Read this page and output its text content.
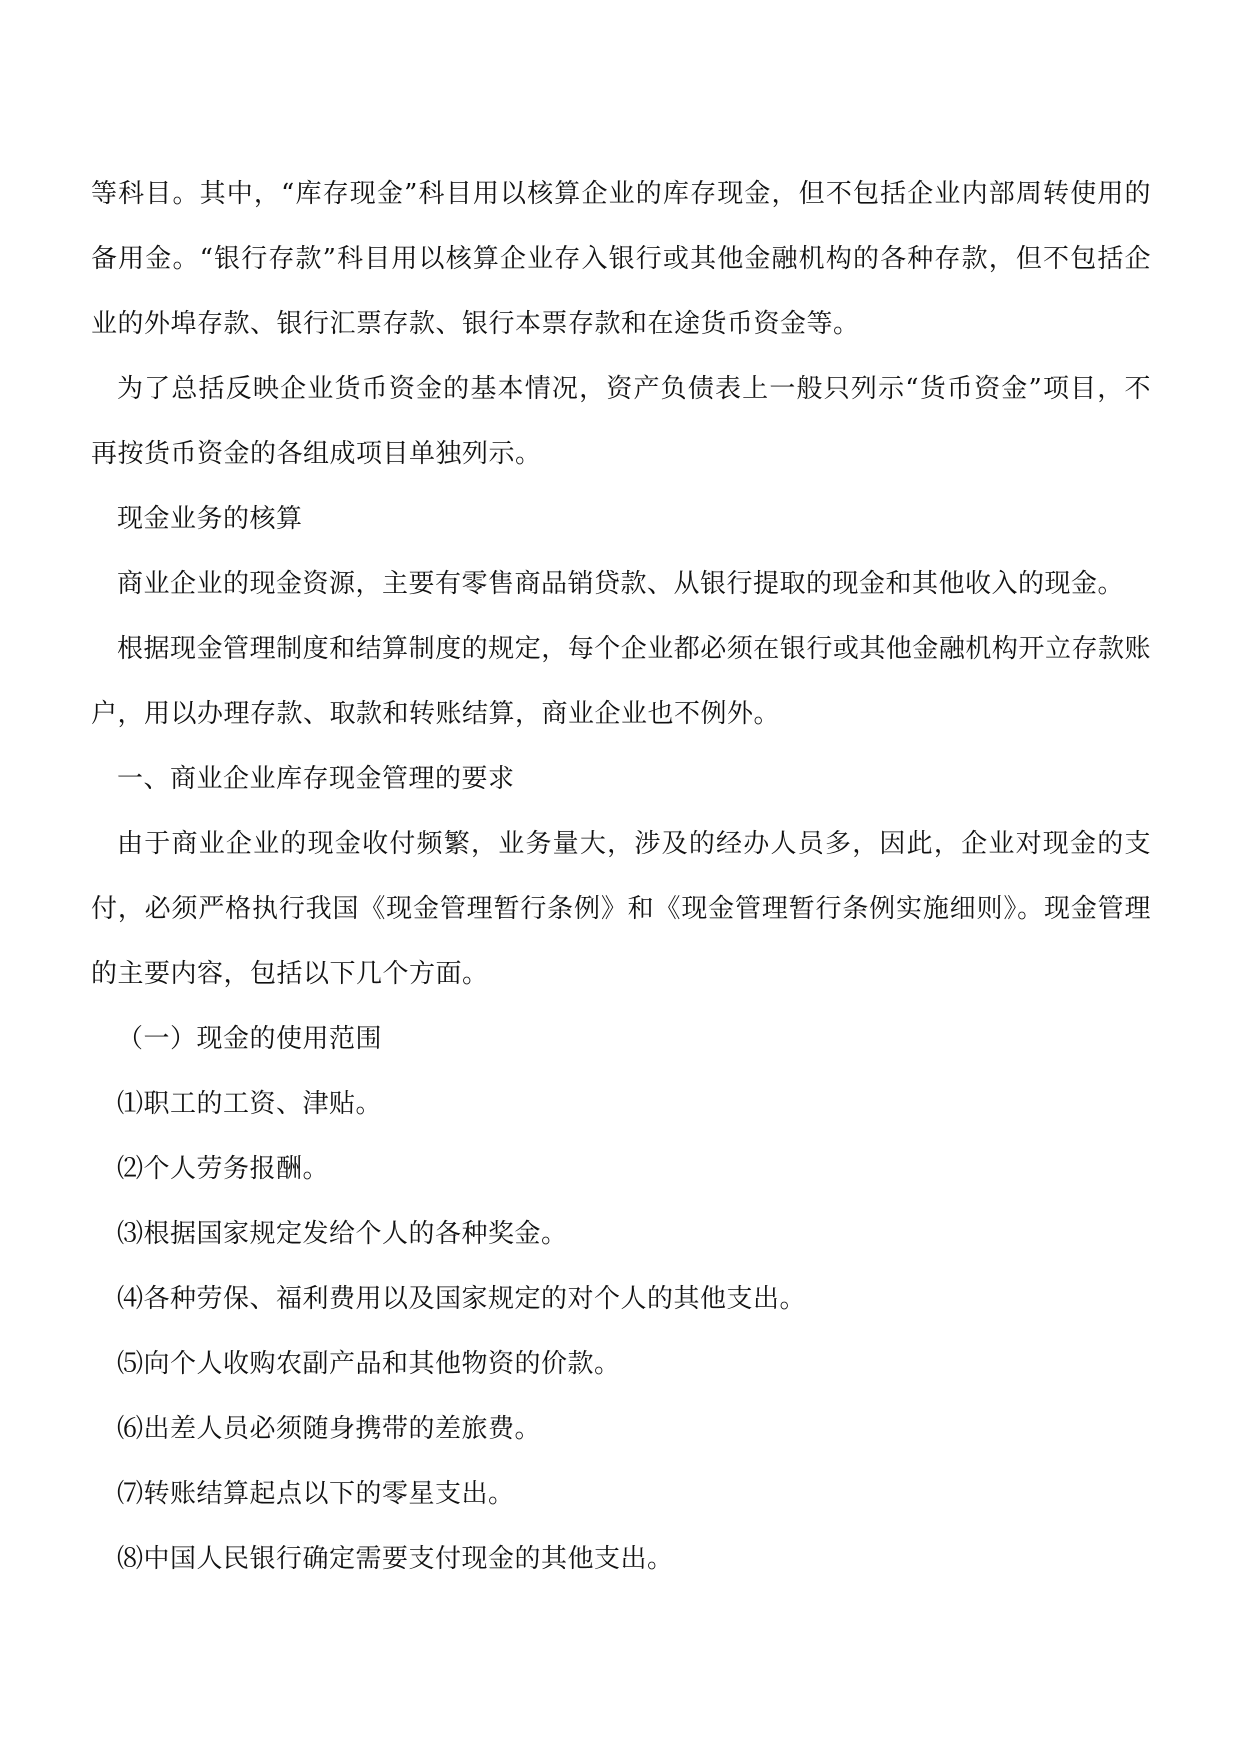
等科目。其中，“库存现金”科目用以核算企业的库存现金，但不包括企业内部周转使用的备用金。“银行存款”科目用以核算企业存入银行或其他金融机构的各种存款，但不包括企业的外埠存款、银行汇票存款、银行本票存款和在途货币资金等。

为了总括反映企业货币资金的基本情况，资产负债表上一般只列示“货币资金”项目，不再按货币资金的各组成项目单独列示。

现金业务的核算

商业企业的现金资源，主要有零售商品销贷款、从银行提取的现金和其他收入的现金。

根据现金管理制度和结算制度的规定，每个企业都必须在银行或其他金融机构开立存款账户，用以办理存款、取款和转账结算，商业企业也不例外。

一、商业企业库存现金管理的要求

由于商业企业的现金收付频繁，业务量大，涉及的经办人员多，因此，企业对现金的支付，必须严格执行我国《现金管理暂行条例》和《现金管理暂行条例实施细则》。现金管理的主要内容，包括以下几个方面。

（一）现金的使用范围

⑴职工的工资、津贴。

⑵个人劳务报酬。

⑶根据国家规定发给个人的各种奖金。

⑷各种劳保、福利费用以及国家规定的对个人的其他支出。

⑸向个人收购农副产品和其他物资的价款。

⑹出差人员必须随身携带的差旅费。

⑺转账结算起点以下的零星支出。

⑻中国人民银行确定需要支付现金的其他支出。
